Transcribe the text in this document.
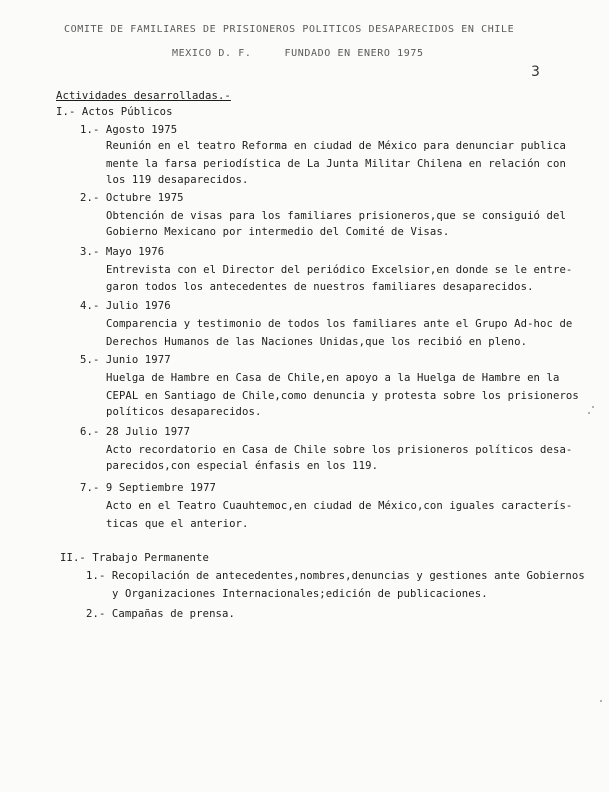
COMITE DE FAMILIARES DE PRISIONEROS POLITICOS DESAPARECIDOS EN CHILE
MEXICO D. F.     FUNDADO EN ENERO 1975
3
Actividades desarrolladas.-
I.- Actos Públicos
1.- Agosto 1975
Reunión en el teatro Reforma en ciudad de México para denunciar publica
mente la farsa periodística de La Junta Militar Chilena en relación con
los 119 desaparecidos.
2.- Octubre 1975
Obtención de visas para los familiares prisioneros,que se consiguió del
Gobierno Mexicano por intermedio del Comité de Visas.
3.- Mayo 1976
Entrevista con el Director del periódico Excelsior,en donde se le entre-
garon todos los antecedentes de nuestros familiares desaparecidos.
4.- Julio 1976
Comparencia y testimonio de todos los familiares ante el Grupo Ad-hoc de
Derechos Humanos de las Naciones Unidas,que los recibió en pleno.
5.- Junio 1977
Huelga de Hambre en Casa de Chile,en apoyo a la Huelga de Hambre en la
CEPAL en Santiago de Chile,como denuncia y protesta sobre los prisioneros
políticos desaparecidos.
6.- 28 Julio 1977
Acto recordatorio en Casa de Chile sobre los prisioneros políticos desa-
parecidos,con especial énfasis en los 119.
7.- 9 Septiembre 1977
Acto en el Teatro Cuauhtemoc,en ciudad de México,con iguales caracterís-
ticas que el anterior.
II.- Trabajo Permanente
1.- Recopilación de antecedentes,nombres,denuncias y gestiones ante Gobiernos
y Organizaciones Internacionales;edición de publicaciones.
2.- Campañas de prensa.
